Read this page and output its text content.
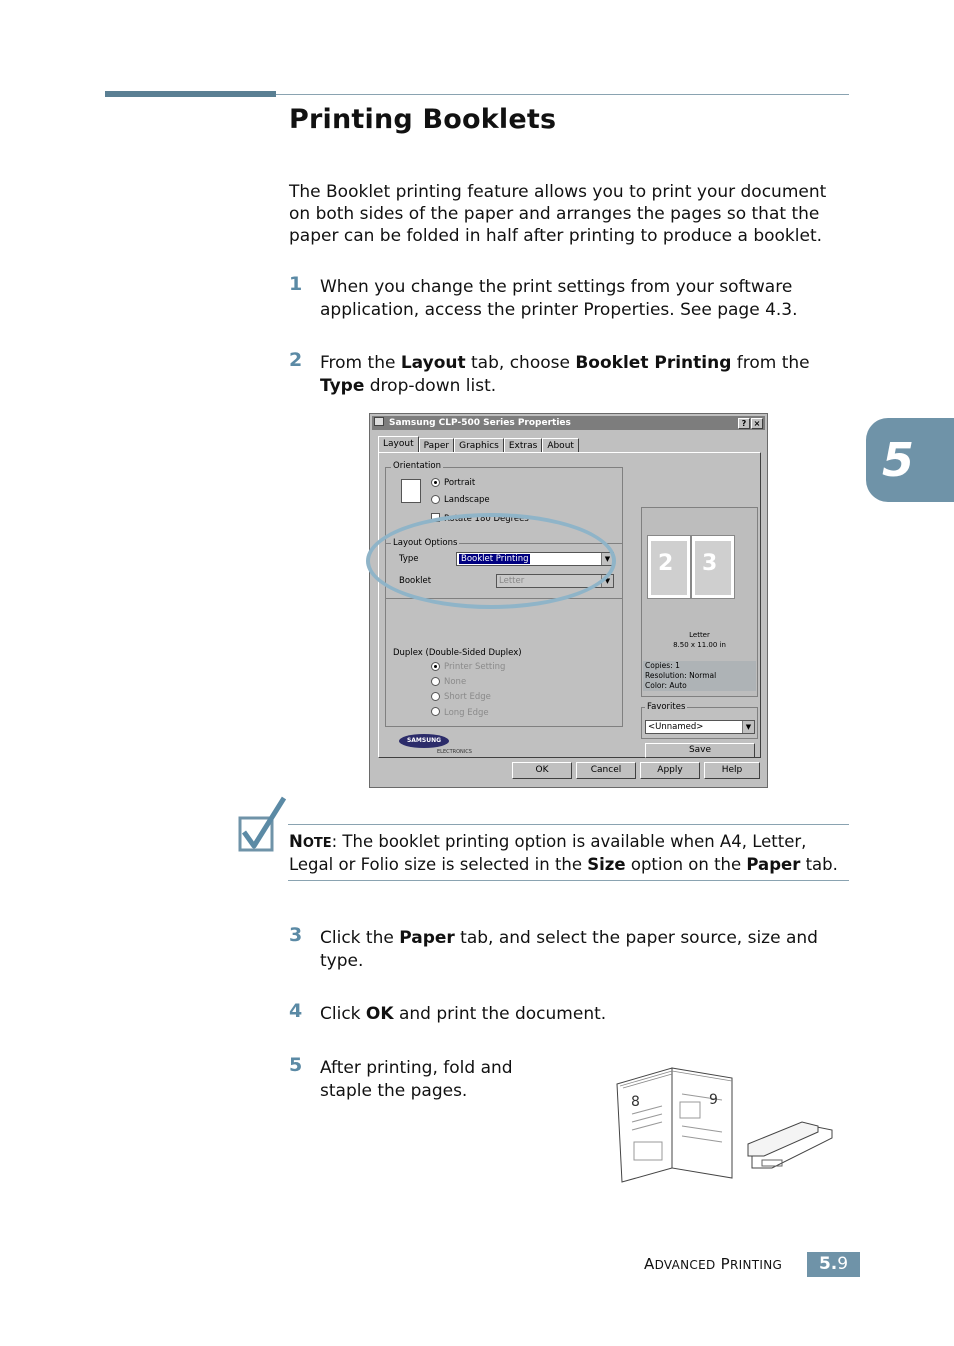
Printing Booklets
The Booklet printing feature allows you to print your document on both sides of the paper and arranges the pages so that the paper can be folded in half after printing to produce a booklet.
1 When you change the print settings from your software application, access the printer Properties. See page 4.3.
2 From the Layout tab, choose Booklet Printing from the Type drop-down list.
5
Samsung CLP-500 Series Properties	? ×
Layout	Paper	Graphics	Extras	About
Orientation
Portrait
Landscape
Rotate 180 Degrees
Layout Options
Type	Booklet Printing	▼
Booklet	Letter	▼
Duplex (Double-Sided Duplex)
Printer Setting
None
Short Edge
Long Edge
2 3
Letter
8.50 x 11.00 in
Copies: 1
Resolution: Normal
Color: Auto
Favorites
<Unnamed>	▼
Save
SAMSUNG
ELECTRONICS
OK	Cancel	Apply	Help
NOTE: The booklet printing option is available when A4, Letter, Legal or Folio size is selected in the Size option on the Paper tab.
3 Click the Paper tab, and select the paper source, size and type.
4 Click OK and print the document.
5 After printing, fold and staple the pages.
8	9
ADVANCED PRINTING	5.9
